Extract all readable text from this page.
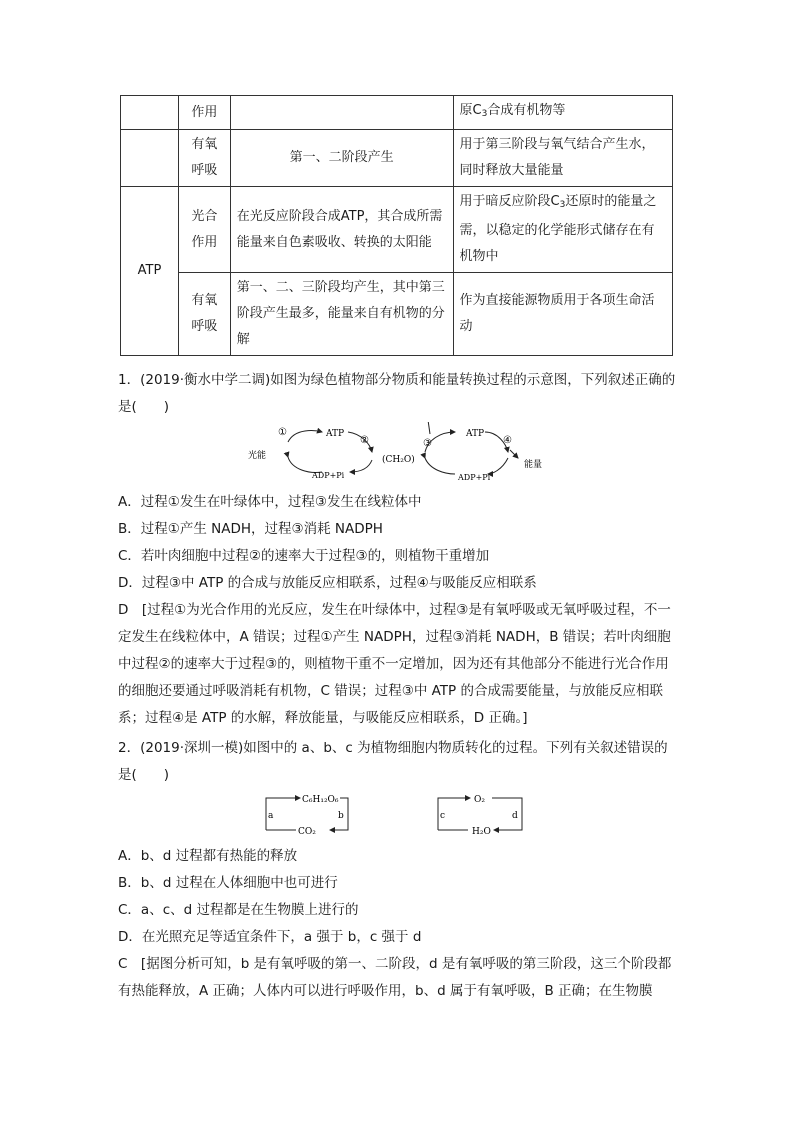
	作用		原$C_3$合成有机物等
	有氧呼吸	第一、二阶段产生	用于第三阶段与氧气结合产生水，同时释放大量能量
ATP	光合作用	在光反应阶段合成ATP，其合成所需能量来自色素吸收、转换的太阳能	用于暗反应阶段$C_3$还原时的能量之需，以稳定的化学能形式储存在有机物中
	有氧呼吸	第一、二、三阶段均产生，其中第三阶段产生最多，能量来自有机物的分解	作为直接能源物质用于各项生命活动
1．(2019·衡水中学二调)如图为绿色植物部分物质和能量转换过程的示意图，下列叙述正确的是(　　)
光能
ATP
ADP+Pi
①
②
(CH₂O)
③
ATP
ADP+Pi
④
能量
A．过程①发生在叶绿体中，过程③发生在线粒体中
B．过程①产生 NADH，过程③消耗 NADPH
C．若叶肉细胞中过程②的速率大于过程③的，则植物干重增加
D．过程③中 ATP 的合成与放能反应相联系，过程④与吸能反应相联系
D　[过程①为光合作用的光反应，发生在叶绿体中，过程③是有氧呼吸或无氧呼吸过程，不一定发生在线粒体中，A 错误；过程①产生 NADPH，过程③消耗 NADH，B 错误；若叶肉细胞中过程②的速率大于过程③的，则植物干重不一定增加，因为还有其他部分不能进行光合作用的细胞还要通过呼吸消耗有机物，C 错误；过程③中 ATP 的合成需要能量，与放能反应相联系；过程④是 ATP 的水解，释放能量，与吸能反应相联系，D 正确。]
2．(2019·深圳一模)如图中的 a、b、c 为植物细胞内物质转化的过程。下列有关叙述错误的是(　　)
C₆H₁₂O₆
CO₂
a	b
O₂
H₂O
c	d
A．b、d 过程都有热能的释放
B．b、d 过程在人体细胞中也可进行
C．a、c、d 过程都是在生物膜上进行的
D．在光照充足等适宜条件下，a 强于 b，c 强于 d
C　[据图分析可知，b 是有氧呼吸的第一、二阶段，d 是有氧呼吸的第三阶段，这三个阶段都有热能释放，A 正确；人体内可以进行呼吸作用，b、d 属于有氧呼吸，B 正确；在生物膜
